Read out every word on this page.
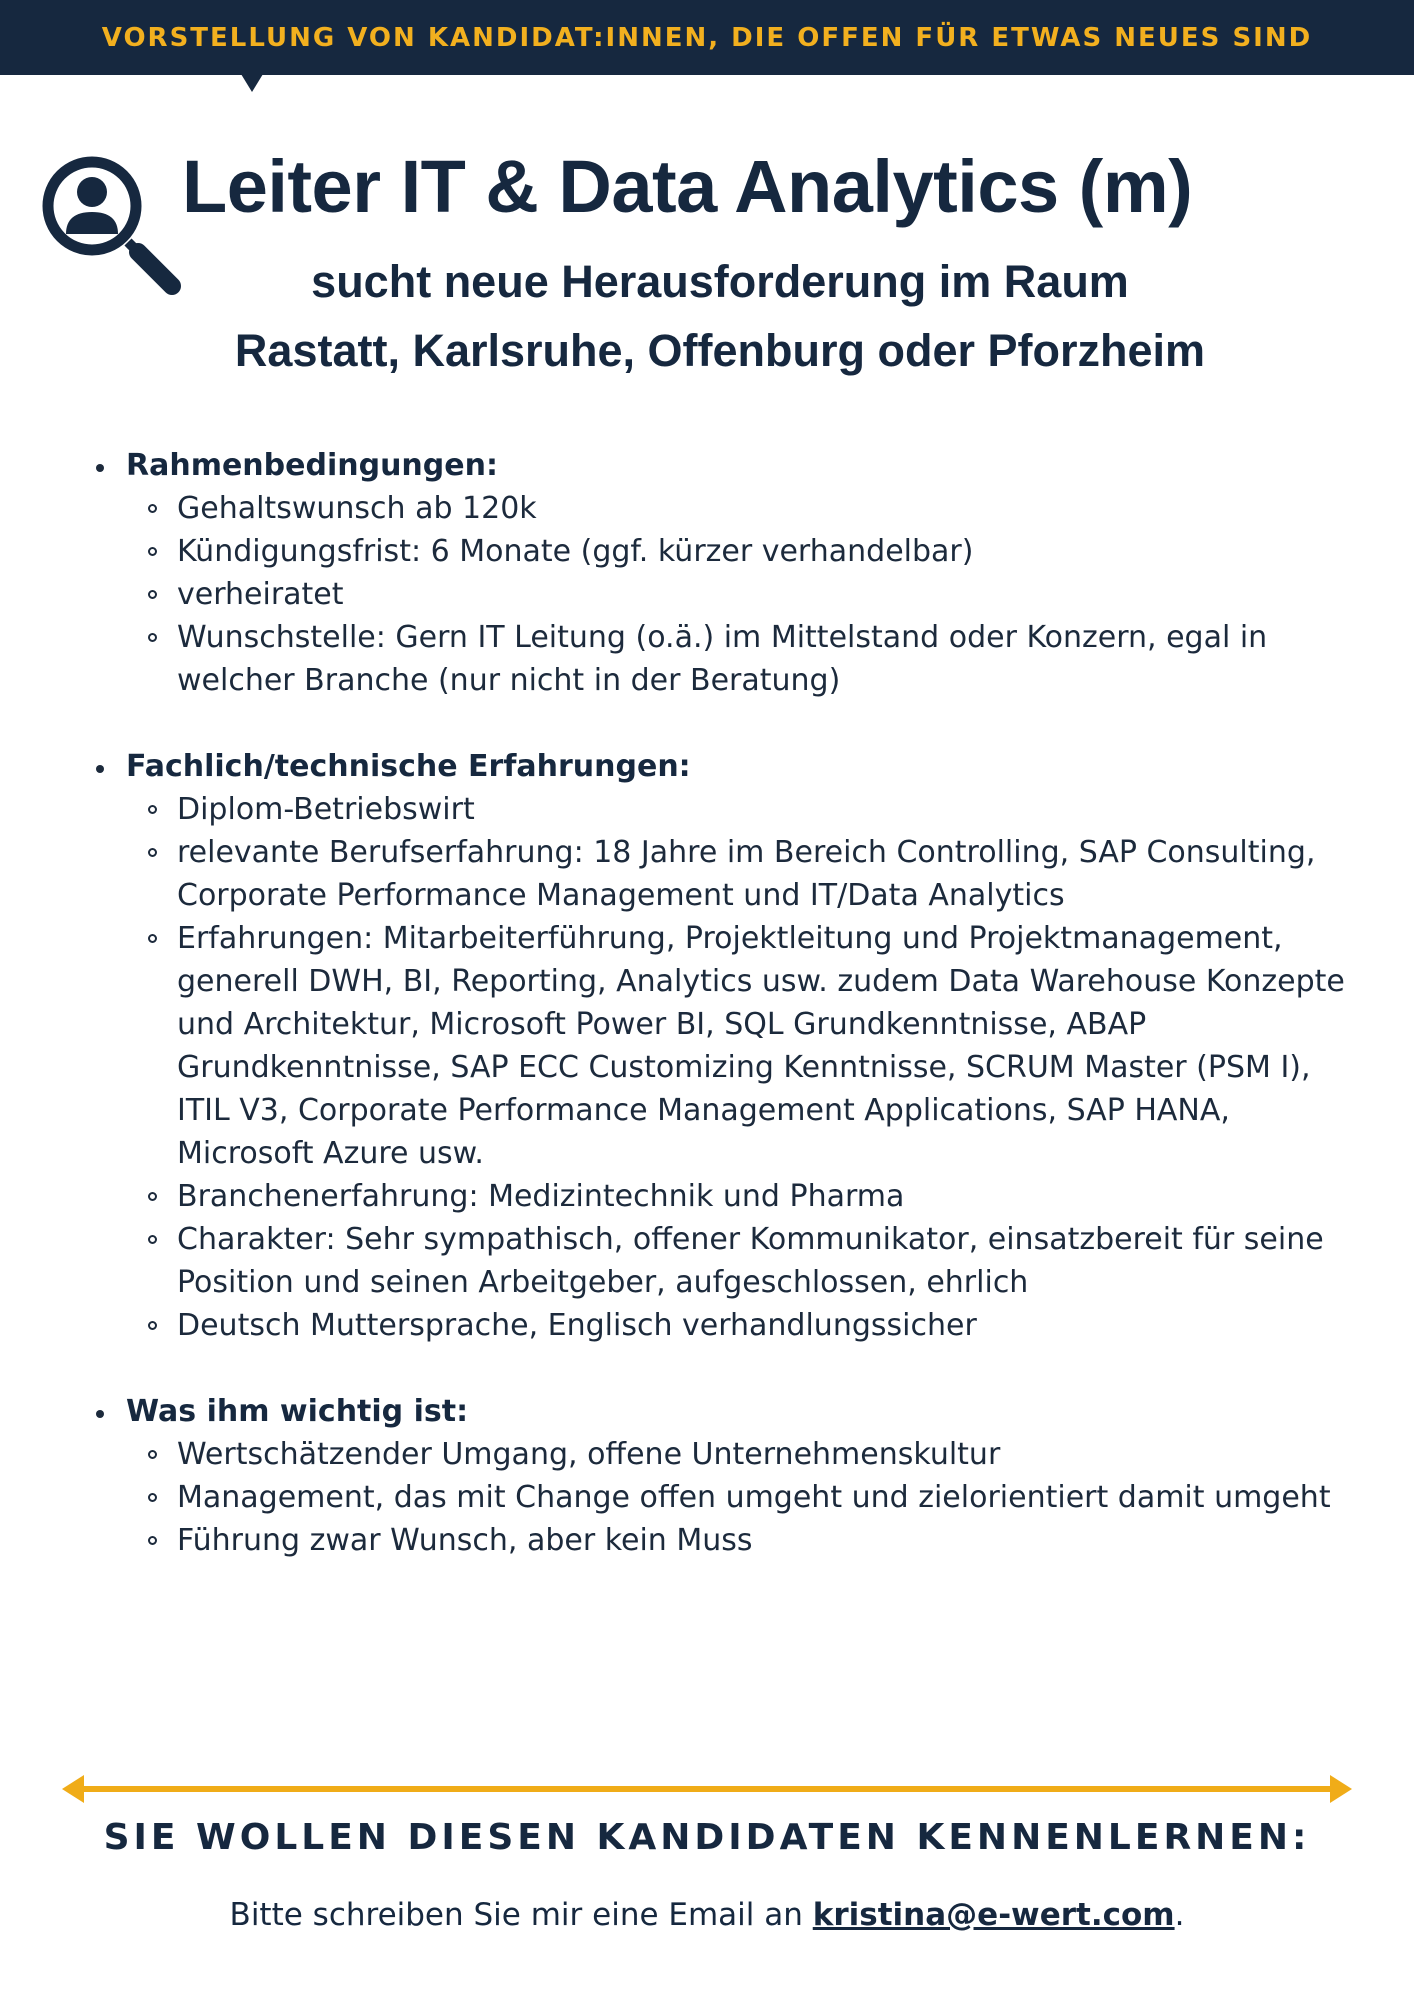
VORSTELLUNG VON KANDIDAT:INNEN, DIE OFFEN FÜR ETWAS NEUES SIND
Leiter IT & Data Analytics (m)
sucht neue Herausforderung im Raum
Rastatt, Karlsruhe, Offenburg oder Pforzheim
Rahmenbedingungen:
Gehaltswunsch ab 120k
Kündigungsfrist: 6 Monate (ggf. kürzer verhandelbar)
verheiratet
Wunschstelle: Gern IT Leitung (o.ä.) im Mittelstand oder Konzern, egal in welcher Branche (nur nicht in der Beratung)
Fachlich/technische Erfahrungen:
Diplom-Betriebswirt
relevante Berufserfahrung: 18 Jahre im Bereich Controlling, SAP Consulting, Corporate Performance Management und IT/Data Analytics
Erfahrungen: Mitarbeiterführung, Projektleitung und Projektmanagement, generell DWH, BI, Reporting, Analytics usw. zudem Data Warehouse Konzepte und Architektur, Microsoft Power BI, SQL Grundkenntnisse, ABAP Grundkenntnisse, SAP ECC Customizing Kenntnisse, SCRUM Master (PSM I), ITIL V3, Corporate Performance Management Applications, SAP HANA, Microsoft Azure usw.
Branchenerfahrung: Medizintechnik und Pharma
Charakter: Sehr sympathisch, offener Kommunikator, einsatzbereit für seine Position und seinen Arbeitgeber, aufgeschlossen, ehrlich
Deutsch Muttersprache, Englisch verhandlungssicher
Was ihm wichtig ist:
Wertschätzender Umgang, offene Unternehmenskultur
Management, das mit Change offen umgeht und zielorientiert damit umgeht
Führung zwar Wunsch, aber kein Muss
SIE WOLLEN DIESEN KANDIDATEN KENNENLERNEN:
Bitte schreiben Sie mir eine Email an kristina@e-wert.com.
